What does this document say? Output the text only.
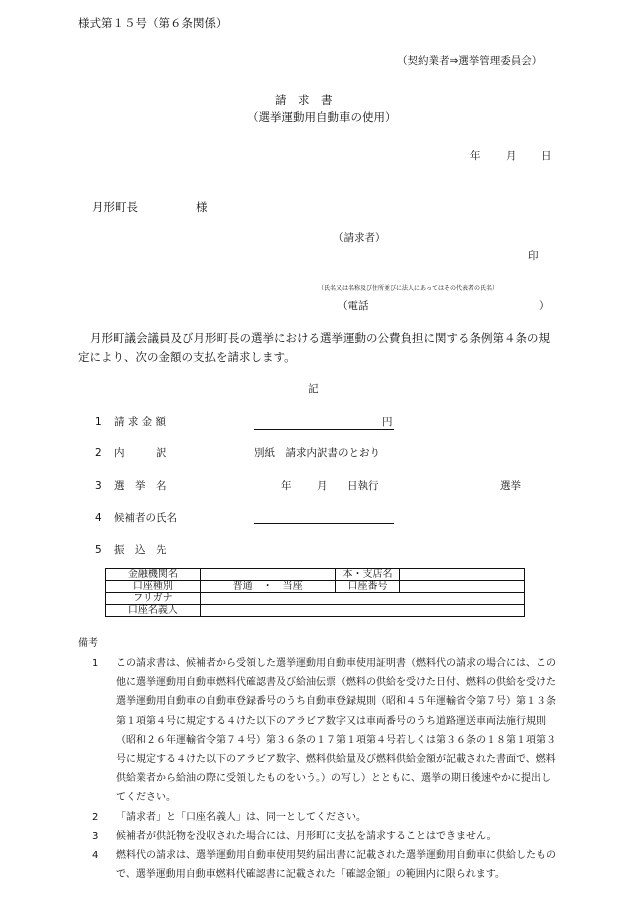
様式第１５号（第６条関係）
（契約業者⇒選挙管理委員会）
請　求　書
（選挙運動用自動車の使用）
年 月 日
月形町長	様
（請求者）
印
（氏名又は名称及び住所並びに法人にあってはその代表者の氏名）
（電話	）
月形町議会議員及び月形町長の選挙における選挙運動の公費負担に関する条例第４条の規定により、次の金額の支払を請求します。
記
1 請 求 金 額	円
2 内　　　訳	別紙　請求内訳書のとおり
3 選　挙　名	年 月 日執行	選挙
4 候補者の氏名
5 振　込　先
金融機関名		本・支店名	
口座種別	普通　・　当座	口座番号	
フリガナ			
口座名義人			
備考
1	この請求書は、候補者から受領した選挙運動用自動車使用証明書（燃料代の請求の場合には、この他に選挙運動用自動車燃料代確認書及び給油伝票（燃料の供給を受けた日付、燃料の供給を受けた選挙運動用自動車の自動車登録番号のうち自動車登録規則（昭和４５年運輸省令第７号）第１３条第１項第４号に規定する４けた以下のアラビア数字又は車両番号のうち道路運送車両法施行規則（昭和２６年運輸省令第７４号）第３６条の１７第１項第４号若しくは第３６条の１８第１項第３号に規定する４けた以下のアラビア数字、燃料供給量及び燃料供給金額が記載された書面で、燃料供給業者から給油の際に受領したものをいう。）の写し）とともに、選挙の期日後速やかに提出してください。
2	「請求者」と「口座名義人」は、同一としてください。
3	候補者が供託物を没収された場合には、月形町に支払を請求することはできません。
4	燃料代の請求は、選挙運動用自動車使用契約届出書に記載された選挙運動用自動車に供給したもので、選挙運動用自動車燃料代確認書に記載された「確認金額」の範囲内に限られます。
